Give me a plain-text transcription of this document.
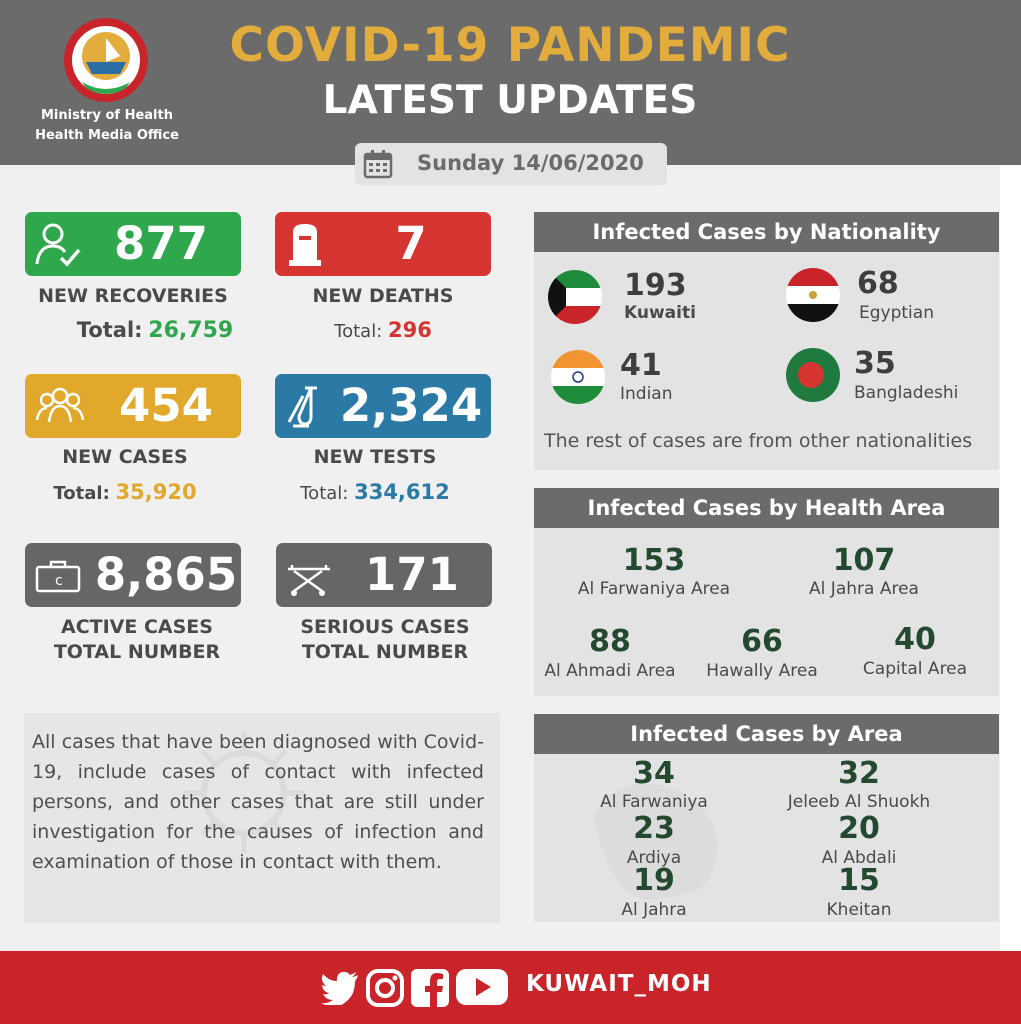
Ministry of Health
Health Media Office
COVID-19 PANDEMIC
LATEST UPDATES
Sunday 14/06/2020
877
NEW RECOVERIES
Total: 26,759
7
NEW DEATHS
Total: 296
454
NEW CASES
Total: 35,920
2,324
NEW TESTS
Total: 334,612
c 8,865
ACTIVE CASES
TOTAL NUMBER
171
SERIOUS CASES
TOTAL NUMBER

All cases that have been diagnosed with Covid-19, include cases of contact with infected persons, and other cases that are still under investigation for the causes of infection and examination of those in contact with them.

Infected Cases by Nationality
193
Kuwaiti
68
Egyptian
41
Indian
35
Bangladeshi
The rest of cases are from other nationalities
Infected Cases by Health Area
153
Al Farwaniya Area
107
Al Jahra Area
88
Al Ahmadi Area
66
Hawally Area
40
Capital Area
Infected Cases by Area
34
Al Farwaniya
32
Jeleeb Al Shuokh
23
Ardiya
20
Al Abdali
19
Al Jahra
15
Kheitan
KUWAIT_MOH
